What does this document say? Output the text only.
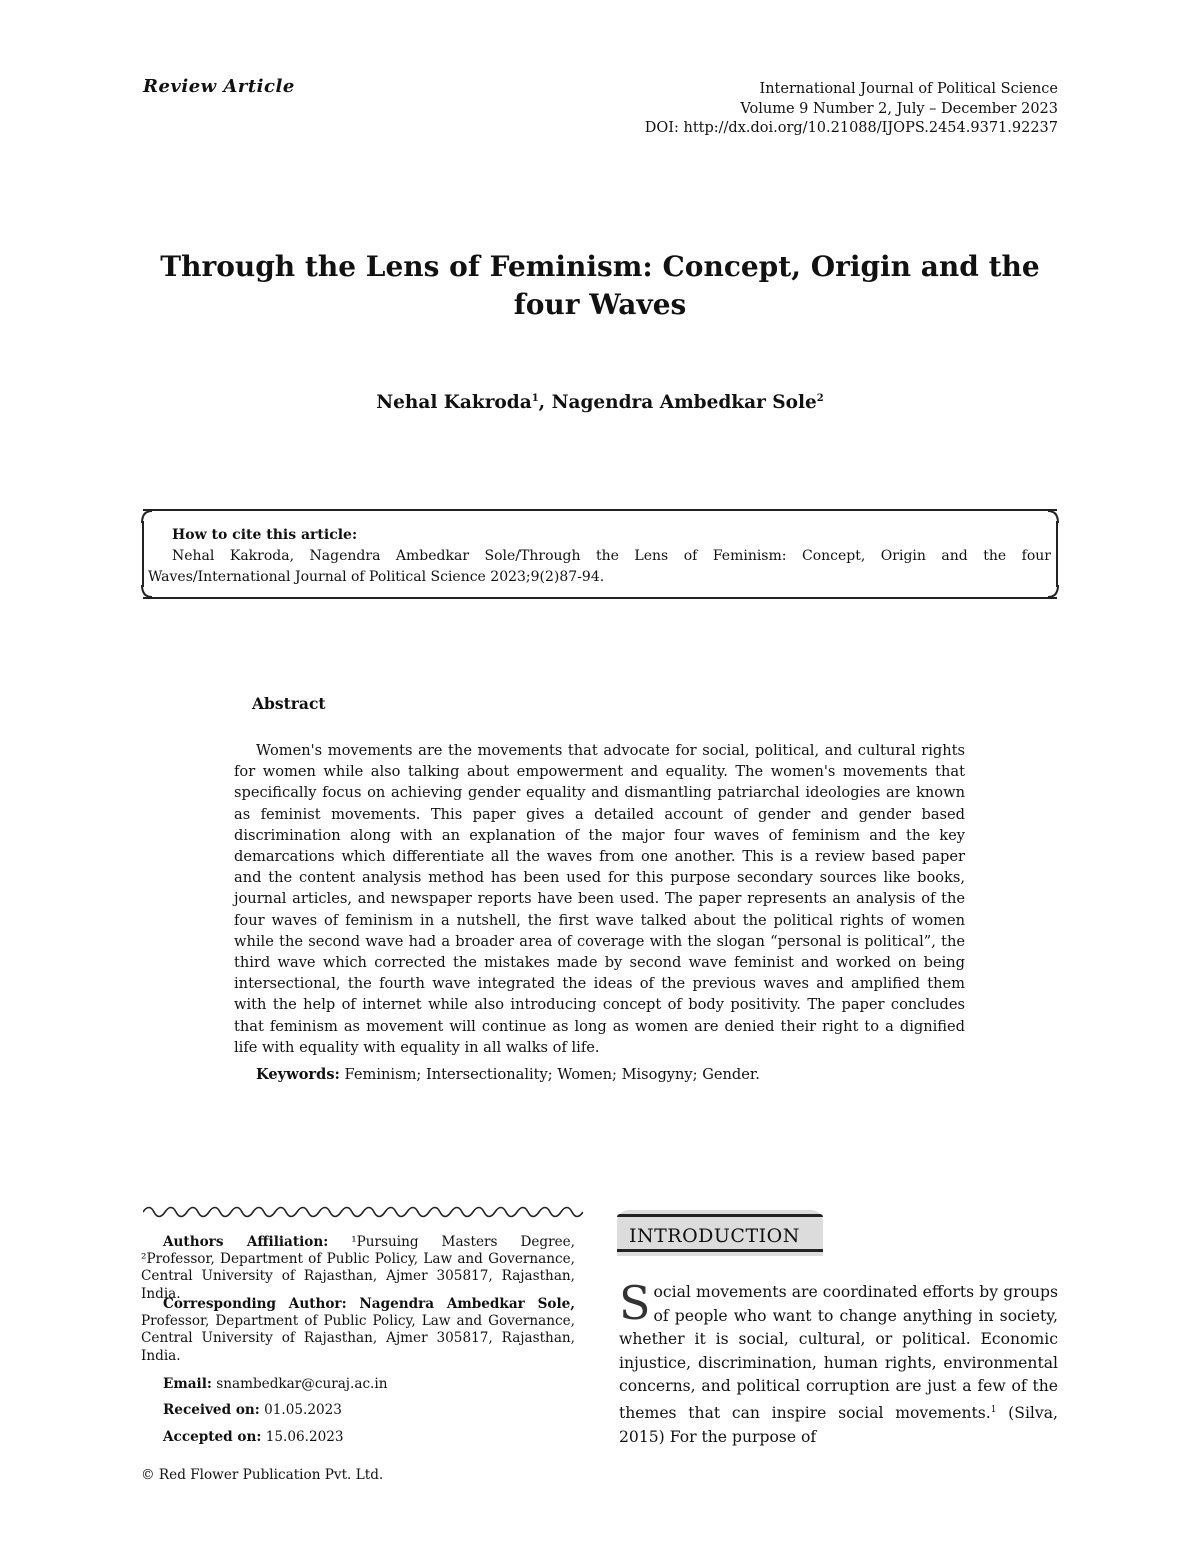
Review Article	International Journal of Political Science
Volume 9 Number 2, July – December 2023
DOI: http://dx.doi.org/10.21088/IJOPS.2454.9371.92237
Through the Lens of Feminism: Concept, Origin and the four Waves
Nehal Kakroda$^1$, Nagendra Ambedkar Sole$^2$
How to cite this article:
Nehal Kakroda, Nagendra Ambedkar Sole/Through the Lens of Feminism: Concept, Origin and the four Waves/International Journal of Political Science 2023;9(2)87-94.
Abstract
Women's movements are the movements that advocate for social, political, and cultural rights for women while also talking about empowerment and equality. The women's movements that specifically focus on achieving gender equality and dismantling patriarchal ideologies are known as feminist movements. This paper gives a detailed account of gender and gender based discrimination along with an explanation of the major four waves of feminism and the key demarcations which differentiate all the waves from one another. This is a review based paper and the content analysis method has been used for this purpose secondary sources like books, journal articles, and newspaper reports have been used. The paper represents an analysis of the four waves of feminism in a nutshell, the first wave talked about the political rights of women while the second wave had a broader area of coverage with the slogan “personal is political”, the third wave which corrected the mistakes made by second wave feminist and worked on being intersectional, the fourth wave integrated the ideas of the previous waves and amplified them with the help of internet while also introducing concept of body positivity. The paper concludes that feminism as movement will continue as long as women are denied their right to a dignified life with equality with equality in all walks of life.
Keywords: Feminism; Intersectionality; Women; Misogyny; Gender.
Authors Affiliation: ¹Pursuing Masters Degree, ²Professor, Department of Public Policy, Law and Governance, Central University of Rajasthan, Ajmer 305817, Rajasthan, India.
Corresponding Author: Nagendra Ambedkar Sole, Professor, Department of Public Policy, Law and Governance, Central University of Rajasthan, Ajmer 305817, Rajasthan, India.
Email: snambedkar@curaj.ac.in
Received on: 01.05.2023
Accepted on: 15.06.2023
© Red Flower Publication Pvt. Ltd.
INTRODUCTION
Social movements are coordinated efforts by groups of people who want to change anything in society, whether it is social, cultural, or political. Economic injustice, discrimination, human rights, environmental concerns, and political corruption are just a few of the themes that can inspire social movements.$^1$ (Silva, 2015) For the purpose of
